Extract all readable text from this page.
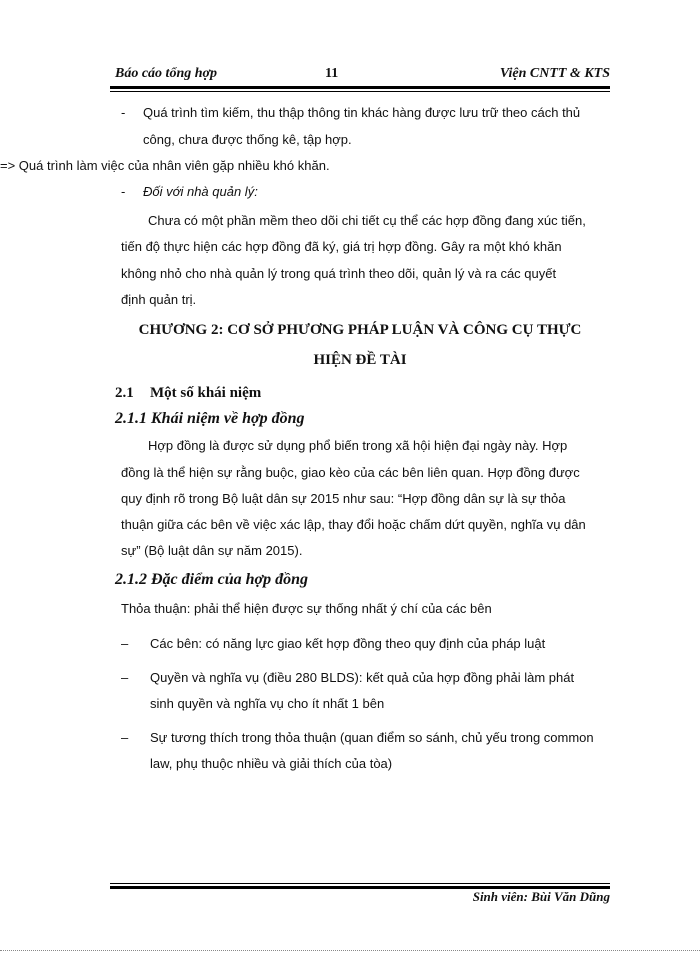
Báo cáo tổng hợp	11	Viện CNTT & KTS
- Quá trình tìm kiếm, thu thập thông tin khác hàng được lưu trữ theo cách thủ
công, chưa được thống kê, tập hợp.
=> Quá trình làm việc của nhân viên gặp nhiều khó khăn.
- Đối với nhà quản lý:
Chưa có một phần mềm theo dõi chi tiết cụ thể các hợp đồng đang xúc tiến,
tiến độ thực hiện các hợp đồng đã ký, giá trị hợp đồng. Gây ra một khó khăn
không nhỏ cho nhà quản lý trong quá trình theo dõi, quản lý và ra các quyết
định quản trị.
CHƯƠNG 2: CƠ SỞ PHƯƠNG PHÁP LUẬN VÀ CÔNG CỤ THỰC
HIỆN ĐỀ TÀI
2.1 Một số khái niệm
2.1.1 Khái niệm về hợp đồng
Hợp đồng là được sử dụng phổ biến trong xã hội hiện đại ngày này. Hợp
đồng là thể hiện sự rằng buộc, giao kèo của các bên liên quan. Hợp đồng được
quy định rõ trong Bộ luật dân sự 2015 như sau: “Hợp đồng dân sự là sự thỏa
thuận giữa các bên về việc xác lập, thay đổi hoặc chấm dứt quyền, nghĩa vụ dân
sự” (Bộ luật dân sự năm 2015).
2.1.2 Đặc điểm của hợp đồng
Thỏa thuận: phải thể hiện được sự thống nhất ý chí của các bên
– Các bên: có năng lực giao kết hợp đồng theo quy định của pháp luật
– Quyền và nghĩa vụ (điều 280 BLDS): kết quả của hợp đồng phải làm phát
sinh quyền và nghĩa vụ cho ít nhất 1 bên
– Sự tương thích trong thỏa thuận (quan điểm so sánh, chủ yếu trong common
law, phụ thuộc nhiều và giải thích của tòa)
Sinh viên: Bùi Văn Dũng
